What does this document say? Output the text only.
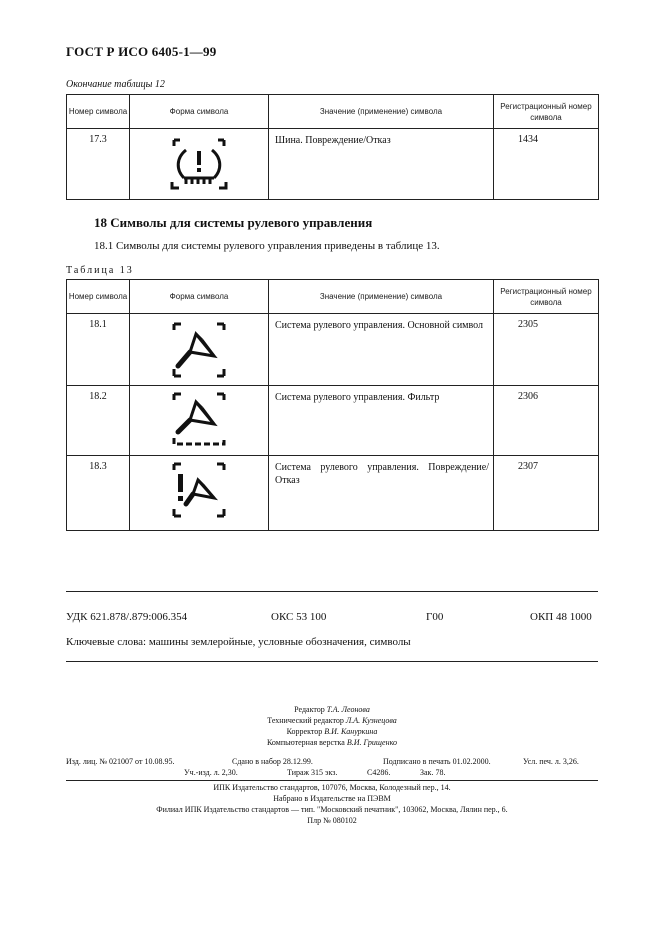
ГОСТ Р ИСО 6405-1—99
Окончание таблицы 12
Номер символа	Форма символа	Значение (применение) символа	Регистрационный номер символа
17.3		Шина. Повреждение/Отказ	1434
18 Символы для системы рулевого управления
18.1 Символы для системы рулевого управления приведены в таблице 13.
Таблица 13
Номер символа	Форма символа	Значение (применение) символа	Регистрационный номер символа
18.1		Система рулевого управления. Основной символ	2305
18.2		Система рулевого управления. Фильтр	2306
18.3		Система рулевого управления. Повреждение/Отказ	2307
УДК 621.878/.879:006.354	ОКС 53 100	Г00	ОКП 48 1000
Ключевые слова: машины землеройные, условные обозначения, символы
Редактор Т.А. Леонова
Технический редактор Л.А. Кузнецова
Корректор В.И. Кануркина
Компьютерная верстка В.И. Грищенко
Изд. лиц. № 021007 от 10.08.95.	Сдано в набор 28.12.99.	Подписано в печать 01.02.2000.	Усл. печ. л. 3,26.
Уч.-изд. л. 2,30.	Тираж 315 экз.	С4286.	Зак. 78.
ИПК Издательство стандартов, 107076, Москва, Колодезный пер., 14.
Набрано в Издательстве на ПЭВМ
Филиал ИПК Издательство стандартов — тип. "Московский печатник", 103062, Москва, Лялин пер., 6.
Плр № 080102
